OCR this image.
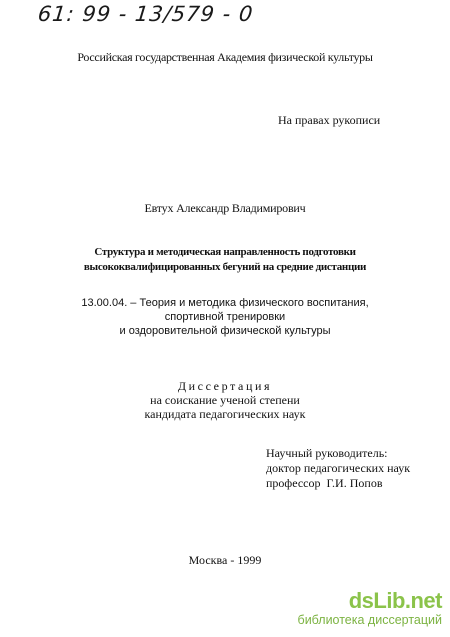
61: 99 - 13/579 - 0
Российская государственная Академия физической культуры
На правах рукописи
Евтух Александр Владимирович
Структура и методическая направленность подготовки
высококвалифицированных бегуний на средние дистанции
13.00.04. – Теория и методика физического воспитания,
спортивной тренировки
и оздоровительной физической культуры
Диссертация
на соискание ученой степени
кандидата педагогических наук
Научный руководитель:
доктор педагогических наук
профессор  Г.И. Попов
Москва - 1999
dsLib.net
библиотека диссертаций
